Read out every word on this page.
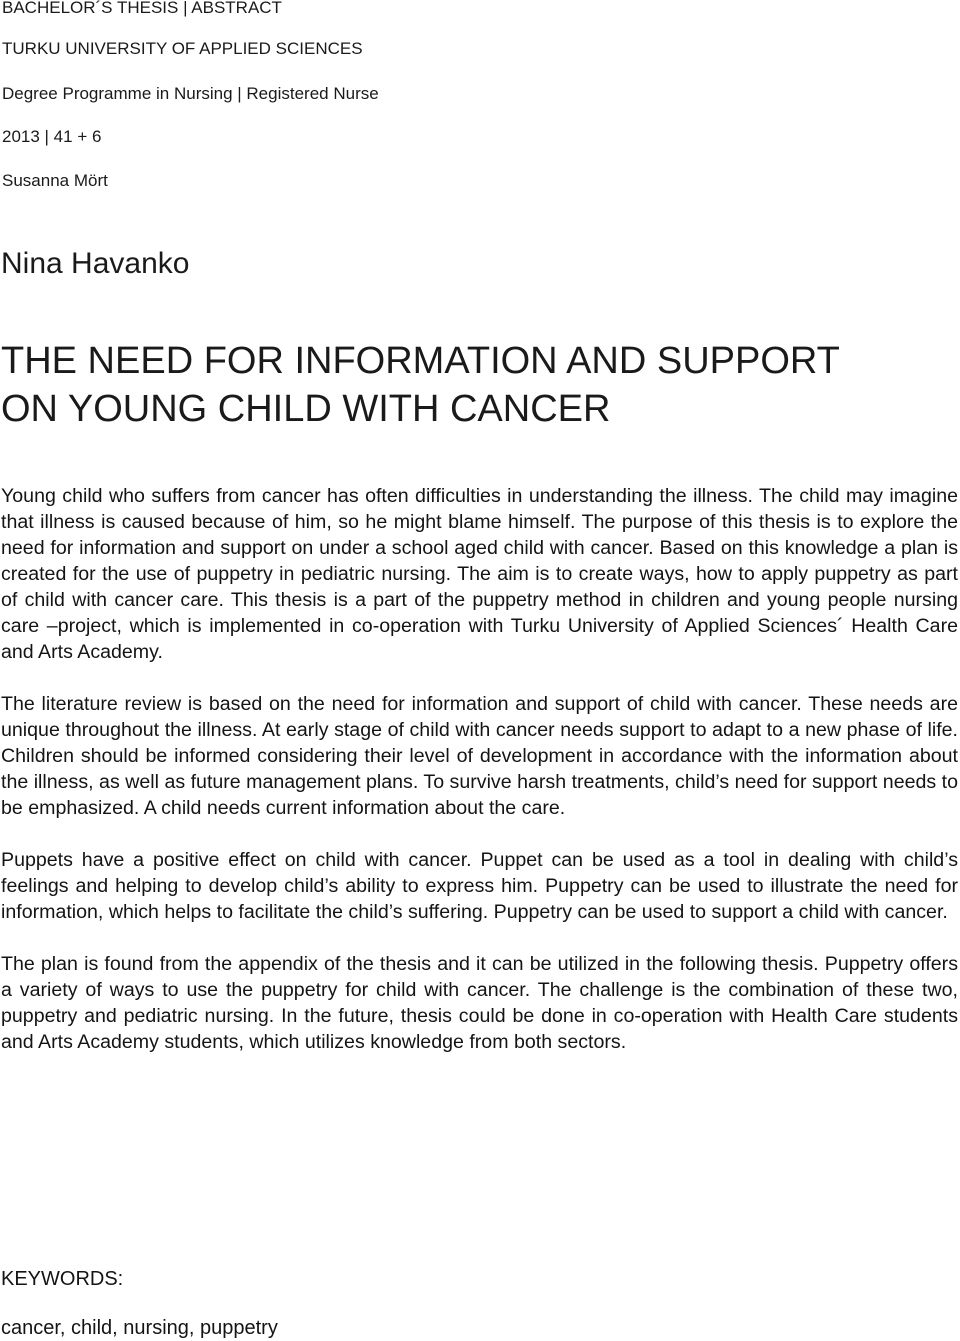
BACHELOR´S THESIS | ABSTRACT
TURKU UNIVERSITY OF APPLIED SCIENCES
Degree Programme in Nursing | Registered Nurse
2013 | 41 + 6
Susanna Mört
Nina Havanko
THE NEED FOR INFORMATION AND SUPPORT
ON YOUNG CHILD WITH CANCER

Young child who suffers from cancer has often difficulties in understanding the illness. The child may imagine that illness is caused because of him, so he might blame himself. The purpose of this thesis is to explore the need for information and support on under a school aged child with cancer. Based on this knowledge a plan is created for the use of puppetry in pediatric nursing. The aim is to create ways, how to apply puppetry as part of child with cancer care. This thesis is a part of the puppetry method in children and young people nursing care –project, which is implemented in co-operation with Turku University of Applied Sciences´ Health Care and Arts Academy.

The literature review is based on the need for information and support of child with cancer. These needs are unique throughout the illness. At early stage of child with cancer needs support to adapt to a new phase of life. Children should be informed considering their level of development in accordance with the information about the illness, as well as future management plans. To survive harsh treatments, child’s need for support needs to be emphasized. A child needs current information about the care.

Puppets have a positive effect on child with cancer. Puppet can be used as a tool in dealing with child’s feelings and helping to develop child’s ability to express him. Puppetry can be used to illustrate the need for information, which helps to facilitate the child’s suffering. Puppetry can be used to support a child with cancer.

The plan is found from the appendix of the thesis and it can be utilized in the following thesis. Puppetry offers a variety of ways to use the puppetry for child with cancer. The challenge is the combination of these two, puppetry and pediatric nursing. In the future, thesis could be done in co-operation with Health Care students and Arts Academy students, which utilizes knowledge from both sectors.

KEYWORDS:
cancer, child, nursing, puppetry
